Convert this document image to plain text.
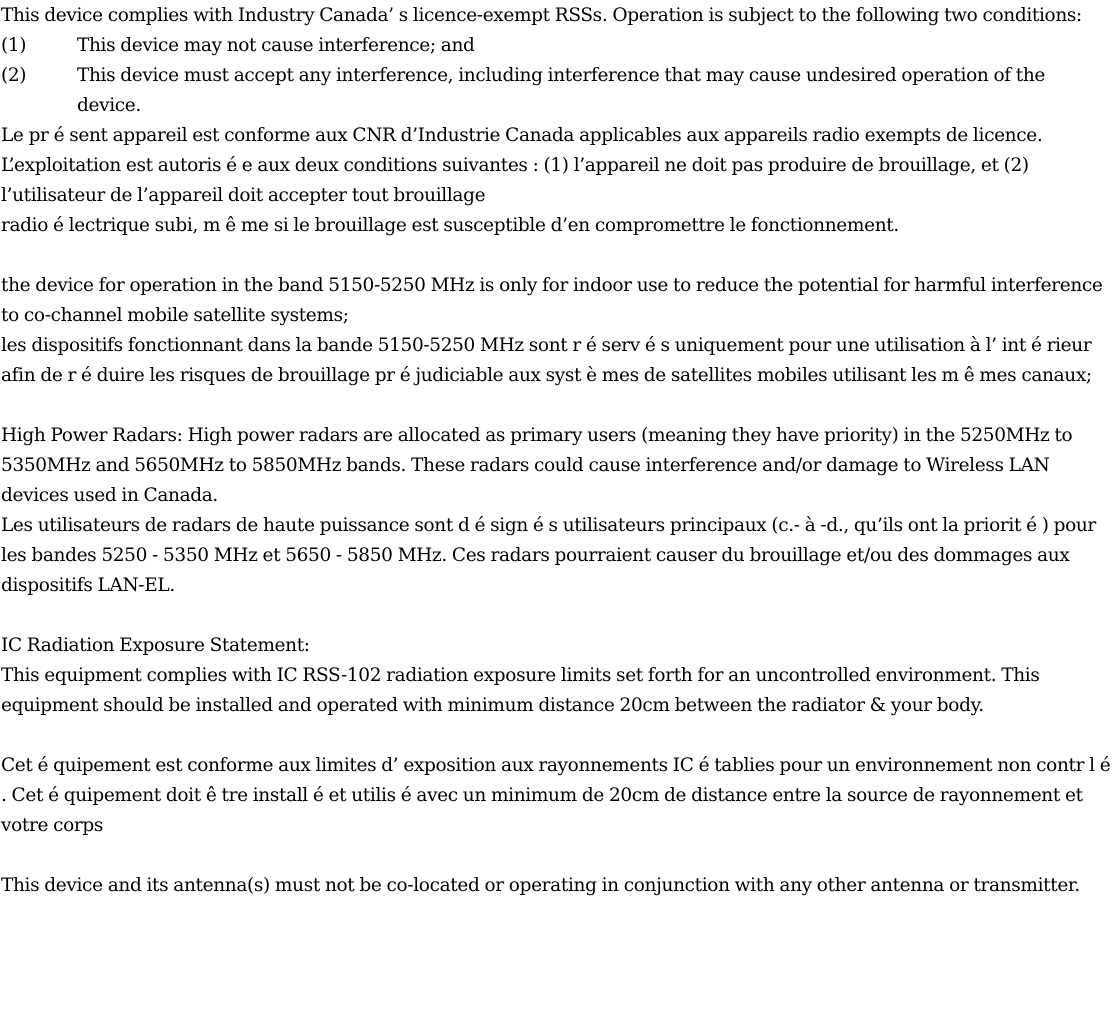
This device complies with Industry Canada’ s licence-exempt RSSs. Operation is subject to the following two conditions:

(1)	This device may not cause interference; and
(2)	This device must accept any interference, including interference that may cause undesired operation of the device.

Le pr é sent appareil est conforme aux CNR d’Industrie Canada applicables aux appareils radio exempts de licence. L’exploitation est autoris é e aux deux conditions suivantes : (1) l’appareil ne doit pas produire de brouillage, et (2) l’utilisateur de l’appareil doit accepter tout brouillage

radio é lectrique subi, m ê me si le brouillage est susceptible d’en compromettre le fonctionnement.

the device for operation in the band 5150-5250 MHz is only for indoor use to reduce the potential for harmful interference to co-channel mobile satellite systems;

les dispositifs fonctionnant dans la bande 5150-5250 MHz sont r é serv é s uniquement pour une utilisation à l’ int é rieur afin de r é duire les risques de brouillage pr é judiciable aux syst è mes de satellites mobiles utilisant les m ê mes canaux;

High Power Radars: High power radars are allocated as primary users (meaning they have priority) in the 5250MHz to 5350MHz and 5650MHz to 5850MHz bands. These radars could cause interference and/or damage to Wireless LAN devices used in Canada.

Les utilisateurs de radars de haute puissance sont d é sign é s utilisateurs principaux (c.- à -d., qu’ils ont la priorit é ) pour les bandes 5250 - 5350 MHz et 5650 - 5850 MHz. Ces radars pourraient causer du brouillage et/ou des dommages aux dispositifs LAN-EL.

IC Radiation Exposure Statement:

This equipment complies with IC RSS-102 radiation exposure limits set forth for an uncontrolled environment. This equipment should be installed and operated with minimum distance 20cm between the radiator & your body.

Cet é quipement est conforme aux limites d’ exposition aux rayonnements IC é tablies pour un environnement non contr l é . Cet é quipement doit ê tre install é et utilis é avec un minimum de 20cm de distance entre la source de rayonnement et votre corps

This device and its antenna(s) must not be co-located or operating in conjunction with any other antenna or transmitter.
